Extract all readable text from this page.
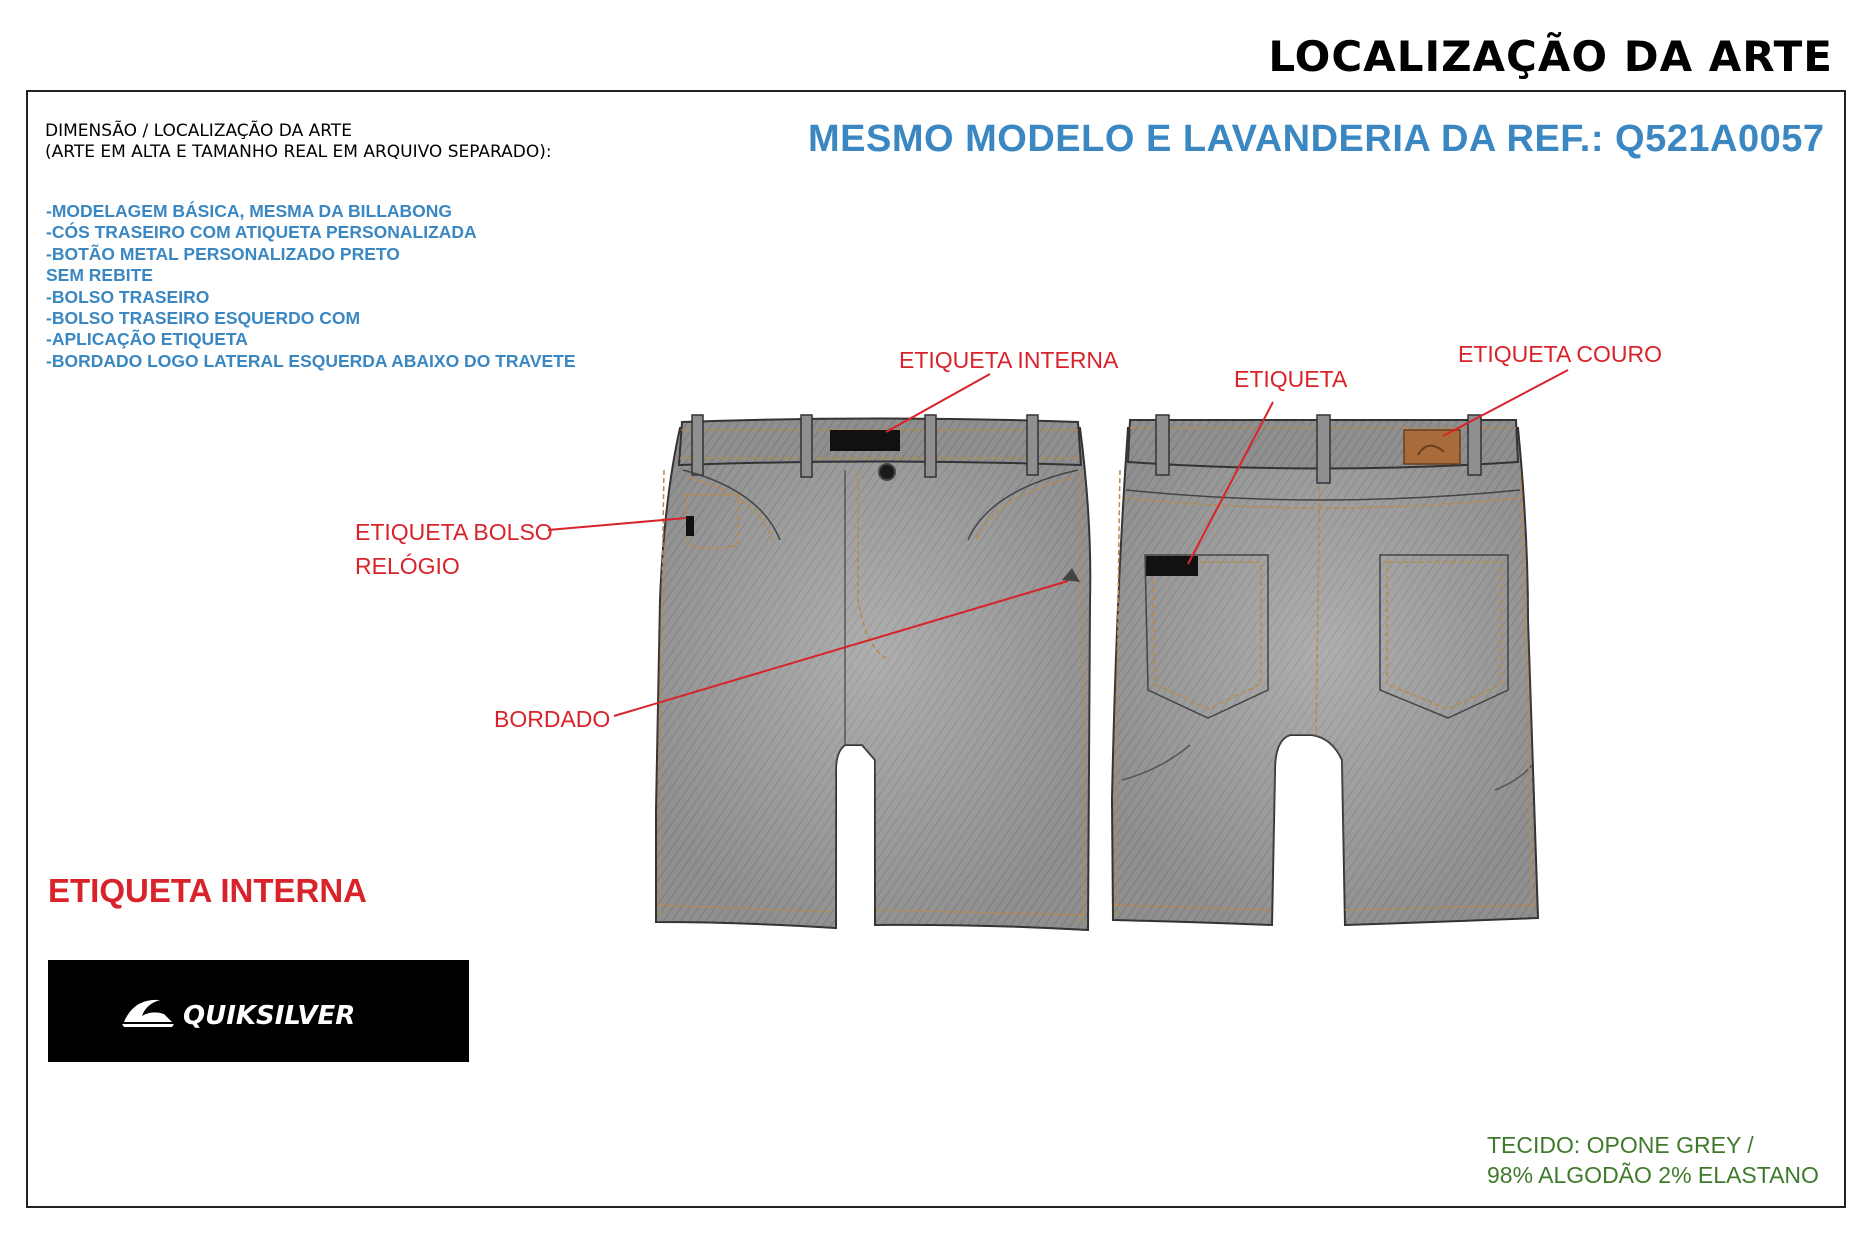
LOCALIZAÇÃO DA ARTE
DIMENSÃO / LOCALIZAÇÃO DA ARTE
(ARTE EM ALTA E TAMANHO REAL EM ARQUIVO SEPARADO):	MESMO MODELO E LAVANDERIA DA REF.: Q521A0057
-MODELAGEM BÁSICA, MESMA DA BILLABONG
-CÓS TRASEIRO COM ATIQUETA PERSONALIZADA
-BOTÃO METAL PERSONALIZADO PRETO
SEM REBITE
-BOLSO TRASEIRO
-BOLSO TRASEIRO ESQUERDO COM
-APLICAÇÃO ETIQUETA
-BORDADO LOGO LATERAL ESQUERDA ABAIXO DO TRAVETE	ETIQUETA INTERNA
ETIQUETA
ETIQUETA COURO
ETIQUETA BOLSO
RELÓGIO
BORDADO
ETIQUETA INTERNA
QUIKSILVER
TECIDO: OPONE GREY /
98% ALGODÃO 2% ELASTANO
